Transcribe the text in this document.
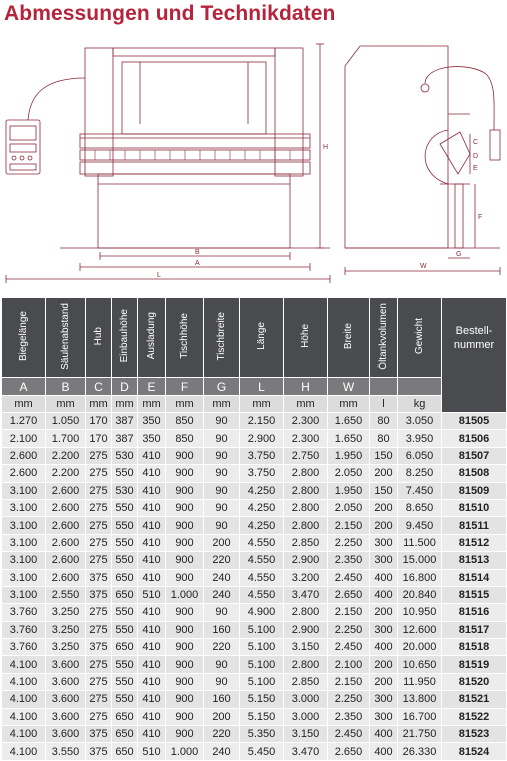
Abmessungen und Technikdaten
B
A
L
H
W
G
F
C
D
E
Biegelänge	Säulenabstand	Hub	Einbauhöhe	Ausladung	Tischhöhe	Tischbreite	Länge	Höhe	Breite	Öltankvolumen	Gewicht	Bestell-
nummer
A	B	C	D	E	F	G	L	H	W			
mm	mm	mm	mm	mm	mm	mm	mm	mm	mm	l	kg	
1.270	1.050	170	387	350	850	90	2.150	2.300	1.650	80	3.050	81505
2.100	1.700	170	387	350	850	90	2.900	2.300	1.650	80	3.950	81506
2.600	2.200	275	530	410	900	90	3.750	2.750	1.950	150	6.050	81507
2.600	2.200	275	550	410	900	90	3.750	2.800	2.050	200	8.250	81508
3.100	2.600	275	530	410	900	90	4.250	2.800	1.950	150	7.450	81509
3.100	2.600	275	550	410	900	90	4.250	2.800	2.050	200	8.650	81510
3.100	2.600	275	550	410	900	90	4.250	2.800	2.150	200	9.450	81511
3.100	2.600	275	550	410	900	200	4.550	2.850	2.250	300	11.500	81512
3.100	2.600	275	550	410	900	220	4.550	2.900	2.350	300	15.000	81513
3.100	2.600	375	650	410	900	240	4.550	3.200	2.450	400	16.800	81514
3.100	2.550	375	650	510	1.000	240	4.550	3.470	2.650	400	20.840	81515
3.760	3.250	275	550	410	900	90	4.900	2.800	2.150	200	10.950	81516
3.760	3.250	275	550	410	900	160	5.100	2.900	2.250	300	12.600	81517
3.760	3.250	375	650	410	900	220	5.100	3.150	2.450	400	20.000	81518
4.100	3.600	275	550	410	900	90	5.100	2.800	2.100	200	10.650	81519
4.100	3.600	275	550	410	900	90	5.100	2.850	2.150	200	11.950	81520
4.100	3.600	275	550	410	900	160	5.150	3.000	2.250	300	13.800	81521
4.100	3.600	275	650	410	900	200	5.150	3.000	2.350	300	16.700	81522
4.100	3.600	375	650	410	900	220	5.350	3.150	2.450	400	21.750	81523
4.100	3.550	375	650	510	1.000	240	5.450	3.470	2.650	400	26.330	81524
